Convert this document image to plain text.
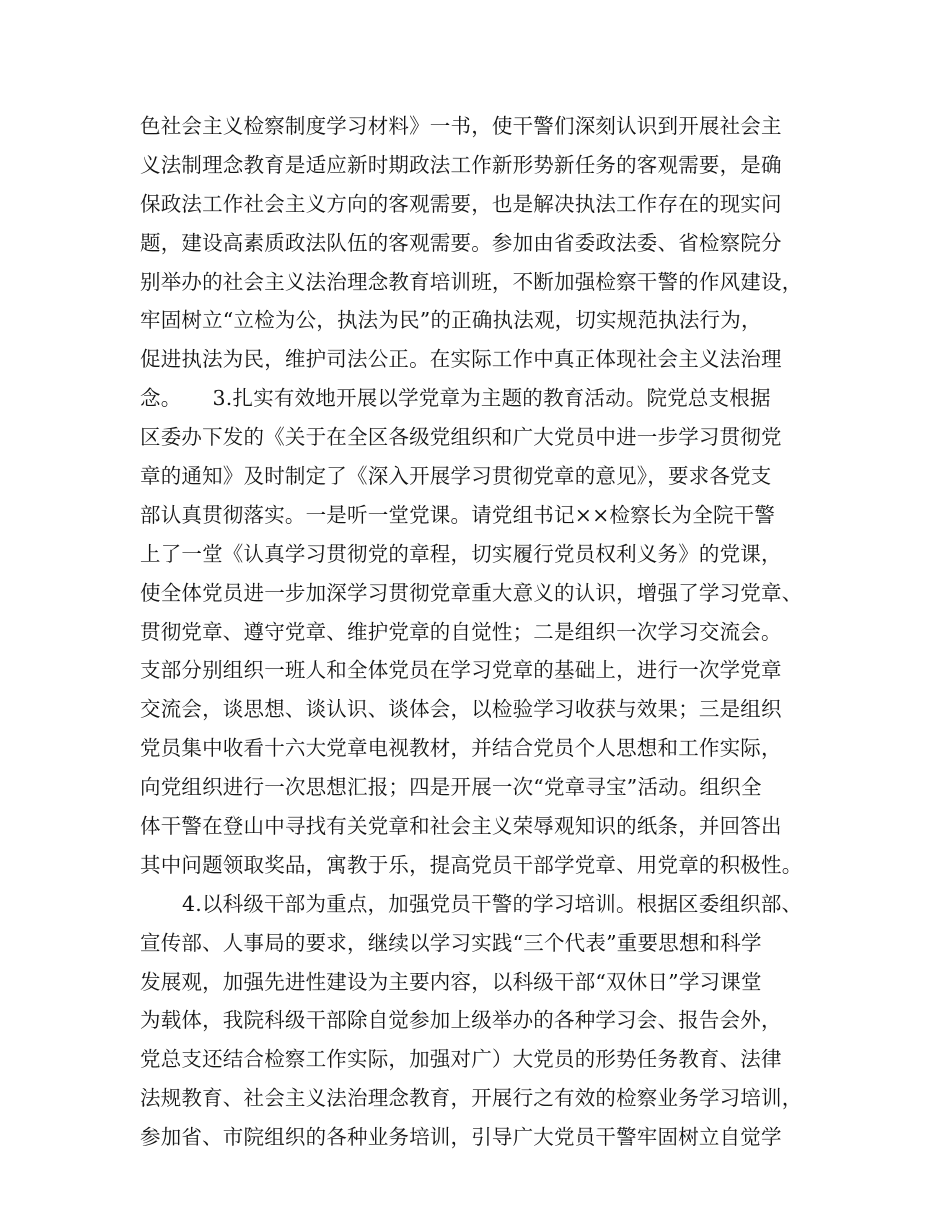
色社会主义检察制度学习材料》一书，使干警们深刻认识到开展社会主
义法制理念教育是适应新时期政法工作新形势新任务的客观需要，是确
保政法工作社会主义方向的客观需要，也是解决执法工作存在的现实问
题，建设高素质政法队伍的客观需要。参加由省委政法委、省检察院分
别举办的社会主义法治理念教育培训班，不断加强检察干警的作风建设，
牢固树立“立检为公，执法为民”的正确执法观，切实规范执法行为，
促进执法为民，维护司法公正。在实际工作中真正体现社会主义法治理
念。　　3.扎实有效地开展以学党章为主题的教育活动。院党总支根据
区委办下发的《关于在全区各级党组织和广大党员中进一步学习贯彻党
章的通知》及时制定了《深入开展学习贯彻党章的意见》，要求各党支
部认真贯彻落实。一是听一堂党课。请党组书记××检察长为全院干警
上了一堂《认真学习贯彻党的章程，切实履行党员权利义务》的党课，
使全体党员进一步加深学习贯彻党章重大意义的认识，增强了学习党章、
贯彻党章、遵守党章、维护党章的自觉性；二是组织一次学习交流会。
支部分别组织一班人和全体党员在学习党章的基础上，进行一次学党章
交流会，谈思想、谈认识、谈体会，以检验学习收获与效果；三是组织
党员集中收看十六大党章电视教材，并结合党员个人思想和工作实际，
向党组织进行一次思想汇报；四是开展一次“党章寻宝”活动。组织全
体干警在登山中寻找有关党章和社会主义荣辱观知识的纸条，并回答出
其中问题领取奖品，寓教于乐，提高党员干部学党章、用党章的积极性。
4.以科级干部为重点，加强党员干警的学习培训。根据区委组织部、
宣传部、人事局的要求，继续以学习实践“三个代表”重要思想和科学
发展观，加强先进性建设为主要内容，以科级干部“双休日”学习课堂
为载体，我院科级干部除自觉参加上级举办的各种学习会、报告会外，
党总支还结合检察工作实际，加强对广）大党员的形势任务教育、法律
法规教育、社会主义法治理念教育，开展行之有效的检察业务学习培训，
参加省、市院组织的各种业务培训，引导广大党员干警牢固树立自觉学
